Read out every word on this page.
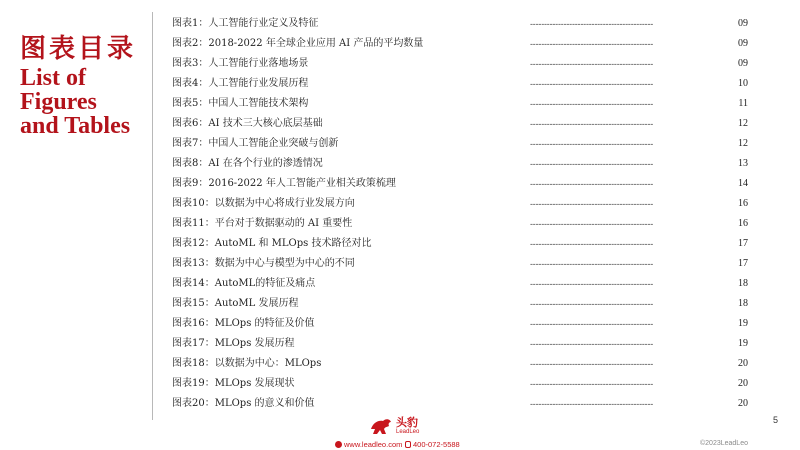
图表目录
List of
Figures
and Tables
图表1：人工智能行业定义及特征	--------------------------------------------	09
图表2：2018-2022 年全球企业应用 AI 产品的平均数量	--------------------------------------------	09
图表3：人工智能行业落地场景	--------------------------------------------	09
图表4：人工智能行业发展历程	--------------------------------------------	10
图表5：中国人工智能技术架构	--------------------------------------------	11
图表6：AI 技术三大核心底层基础	--------------------------------------------	12
图表7：中国人工智能企业突破与创新	--------------------------------------------	12
图表8：AI 在各个行业的渗透情况	--------------------------------------------	13
图表9：2016-2022 年人工智能产业相关政策梳理	--------------------------------------------	14
图表10：以数据为中心将成行业发展方向	--------------------------------------------	16
图表11：平台对于数据驱动的 AI 重要性	--------------------------------------------	16
图表12：AutoML 和 MLOps 技术路径对比	--------------------------------------------	17
图表13：数据为中心与模型为中心的不同	--------------------------------------------	17
图表14：AutoML的特征及痛点	--------------------------------------------	18
图表15：AutoML 发展历程	--------------------------------------------	18
图表16：MLOps 的特征及价值	--------------------------------------------	19
图表17：MLOps 发展历程	--------------------------------------------	19
图表18：以数据为中心：MLOps	--------------------------------------------	20
图表19：MLOps 发展现状	--------------------------------------------	20
图表20：MLOps 的意义和价值	--------------------------------------------	20
头豹
LeadLeo
www.leadleo.com 400-072-5588	©2023LeadLeo
5
